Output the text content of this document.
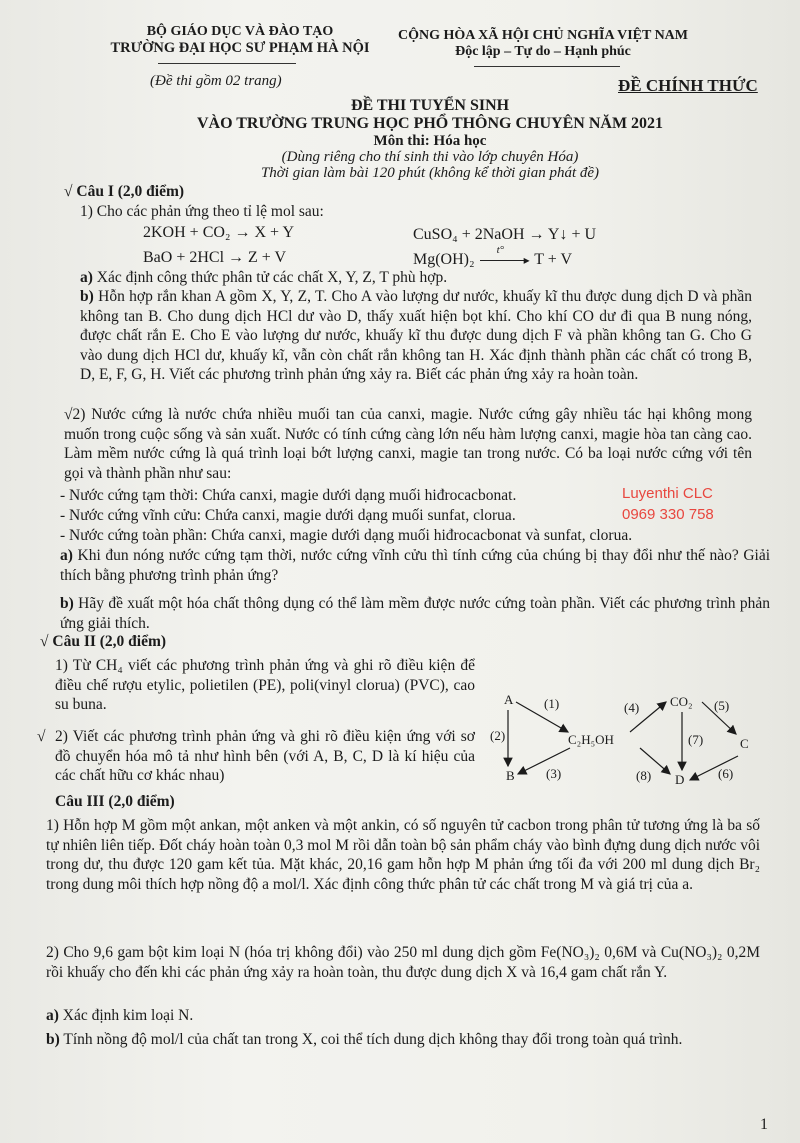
BỘ GIÁO DỤC VÀ ĐÀO TẠO
TRƯỜNG ĐẠI HỌC SƯ PHẠM HÀ NỘI
CỘNG HÒA XÃ HỘI CHỦ NGHĨA VIỆT NAM
Độc lập – Tự do – Hạnh phúc
(Đề thi gồm 02 trang)	ĐỀ CHÍNH THỨC
ĐỀ THI TUYỂN SINH
VÀO TRƯỜNG TRUNG HỌC PHỔ THÔNG CHUYÊN NĂM 2021
Môn thi: Hóa học
(Dùng riêng cho thí sinh thi vào lớp chuyên Hóa)
Thời gian làm bài 120 phút (không kể thời gian phát đề)
√ Câu I (2,0 điểm)
1) Cho các phản ứng theo tỉ lệ mol sau:
2KOH + CO₂ → X + Y
BaO + 2HCl → Z + V
CuSO₄ + 2NaOH → Y↓ + U
Mg(OH)₂
t°
▸ T + V
a) Xác định công thức phân tử các chất X, Y, Z, T phù hợp.
b) Hỗn hợp rắn khan A gồm X, Y, Z, T. Cho A vào lượng dư nước, khuấy kĩ thu được dung dịch D và phần không tan B. Cho dung dịch HCl dư vào D, thấy xuất hiện bọt khí. Cho khí CO dư đi qua B nung nóng, được chất rắn E. Cho E vào lượng dư nước, khuấy kĩ thu được dung dịch F và phần không tan G. Cho G vào dung dịch HCl dư, khuấy kĩ, vẫn còn chất rắn không tan H. Xác định thành phần các chất có trong B, D, E, F, G, H. Viết các phương trình phản ứng xảy ra. Biết các phản ứng xảy ra hoàn toàn.
√2) Nước cứng là nước chứa nhiều muối tan của canxi, magie. Nước cứng gây nhiều tác hại không mong muốn trong cuộc sống và sản xuất. Nước có tính cứng càng lớn nếu hàm lượng canxi, magie hòa tan càng cao. Làm mềm nước cứng là quá trình loại bớt lượng canxi, magie tan trong nước. Có ba loại nước cứng với tên gọi và thành phần như sau:
- Nước cứng tạm thời: Chứa canxi, magie dưới dạng muối hiđrocacbonat.
- Nước cứng vĩnh cửu: Chứa canxi, magie dưới dạng muối sunfat, clorua.
- Nước cứng toàn phần: Chứa canxi, magie dưới dạng muối hiđrocacbonat và sunfat, clorua.
Luyenthi CLC
0969 330 758
a) Khi đun nóng nước cứng tạm thời, nước cứng vĩnh cửu thì tính cứng của chúng bị thay đổi như thế nào? Giải thích bằng phương trình phản ứng?
b) Hãy đề xuất một hóa chất thông dụng có thể làm mềm được nước cứng toàn phần. Viết các phương trình phản ứng giải thích.
√ Câu II (2,0 điểm)
1) Từ CH₄ viết các phương trình phản ứng và ghi rõ điều kiện để điều chế rượu etylic, polietilen (PE), poli(vinyl clorua) (PVC), cao su buna.
√ 2) Viết các phương trình phản ứng và ghi rõ điều kiện ứng với sơ đồ chuyển hóa mô tả như hình bên (với A, B, C, D là kí hiệu của các chất hữu cơ khác nhau)
A
B
C₂H₅OH
CO₂
C
D
(1)
(2)
(3)
(4)	(5)
(7)
(6)
(8)
Câu III (2,0 điểm)
1) Hỗn hợp M gồm một ankan, một anken và một ankin, có số nguyên tử cacbon trong phân tử tương ứng là ba số tự nhiên liên tiếp. Đốt cháy hoàn toàn 0,3 mol M rồi dẫn toàn bộ sản phẩm cháy vào bình đựng dung dịch nước vôi trong dư, thu được 120 gam kết tủa. Mặt khác, 20,16 gam hỗn hợp M phản ứng tối đa với 200 ml dung dịch Br₂ trong dung môi thích hợp nồng độ a mol/l. Xác định công thức phân tử các chất trong M và giá trị của a.
2) Cho 9,6 gam bột kim loại N (hóa trị không đổi) vào 250 ml dung dịch gồm Fe(NO₃)₂ 0,6M và Cu(NO₃)₂ 0,2M rồi khuấy cho đến khi các phản ứng xảy ra hoàn toàn, thu được dung dịch X và 16,4 gam chất rắn Y.
a) Xác định kim loại N.
b) Tính nồng độ mol/l của chất tan trong X, coi thể tích dung dịch không thay đổi trong toàn quá trình.
1
